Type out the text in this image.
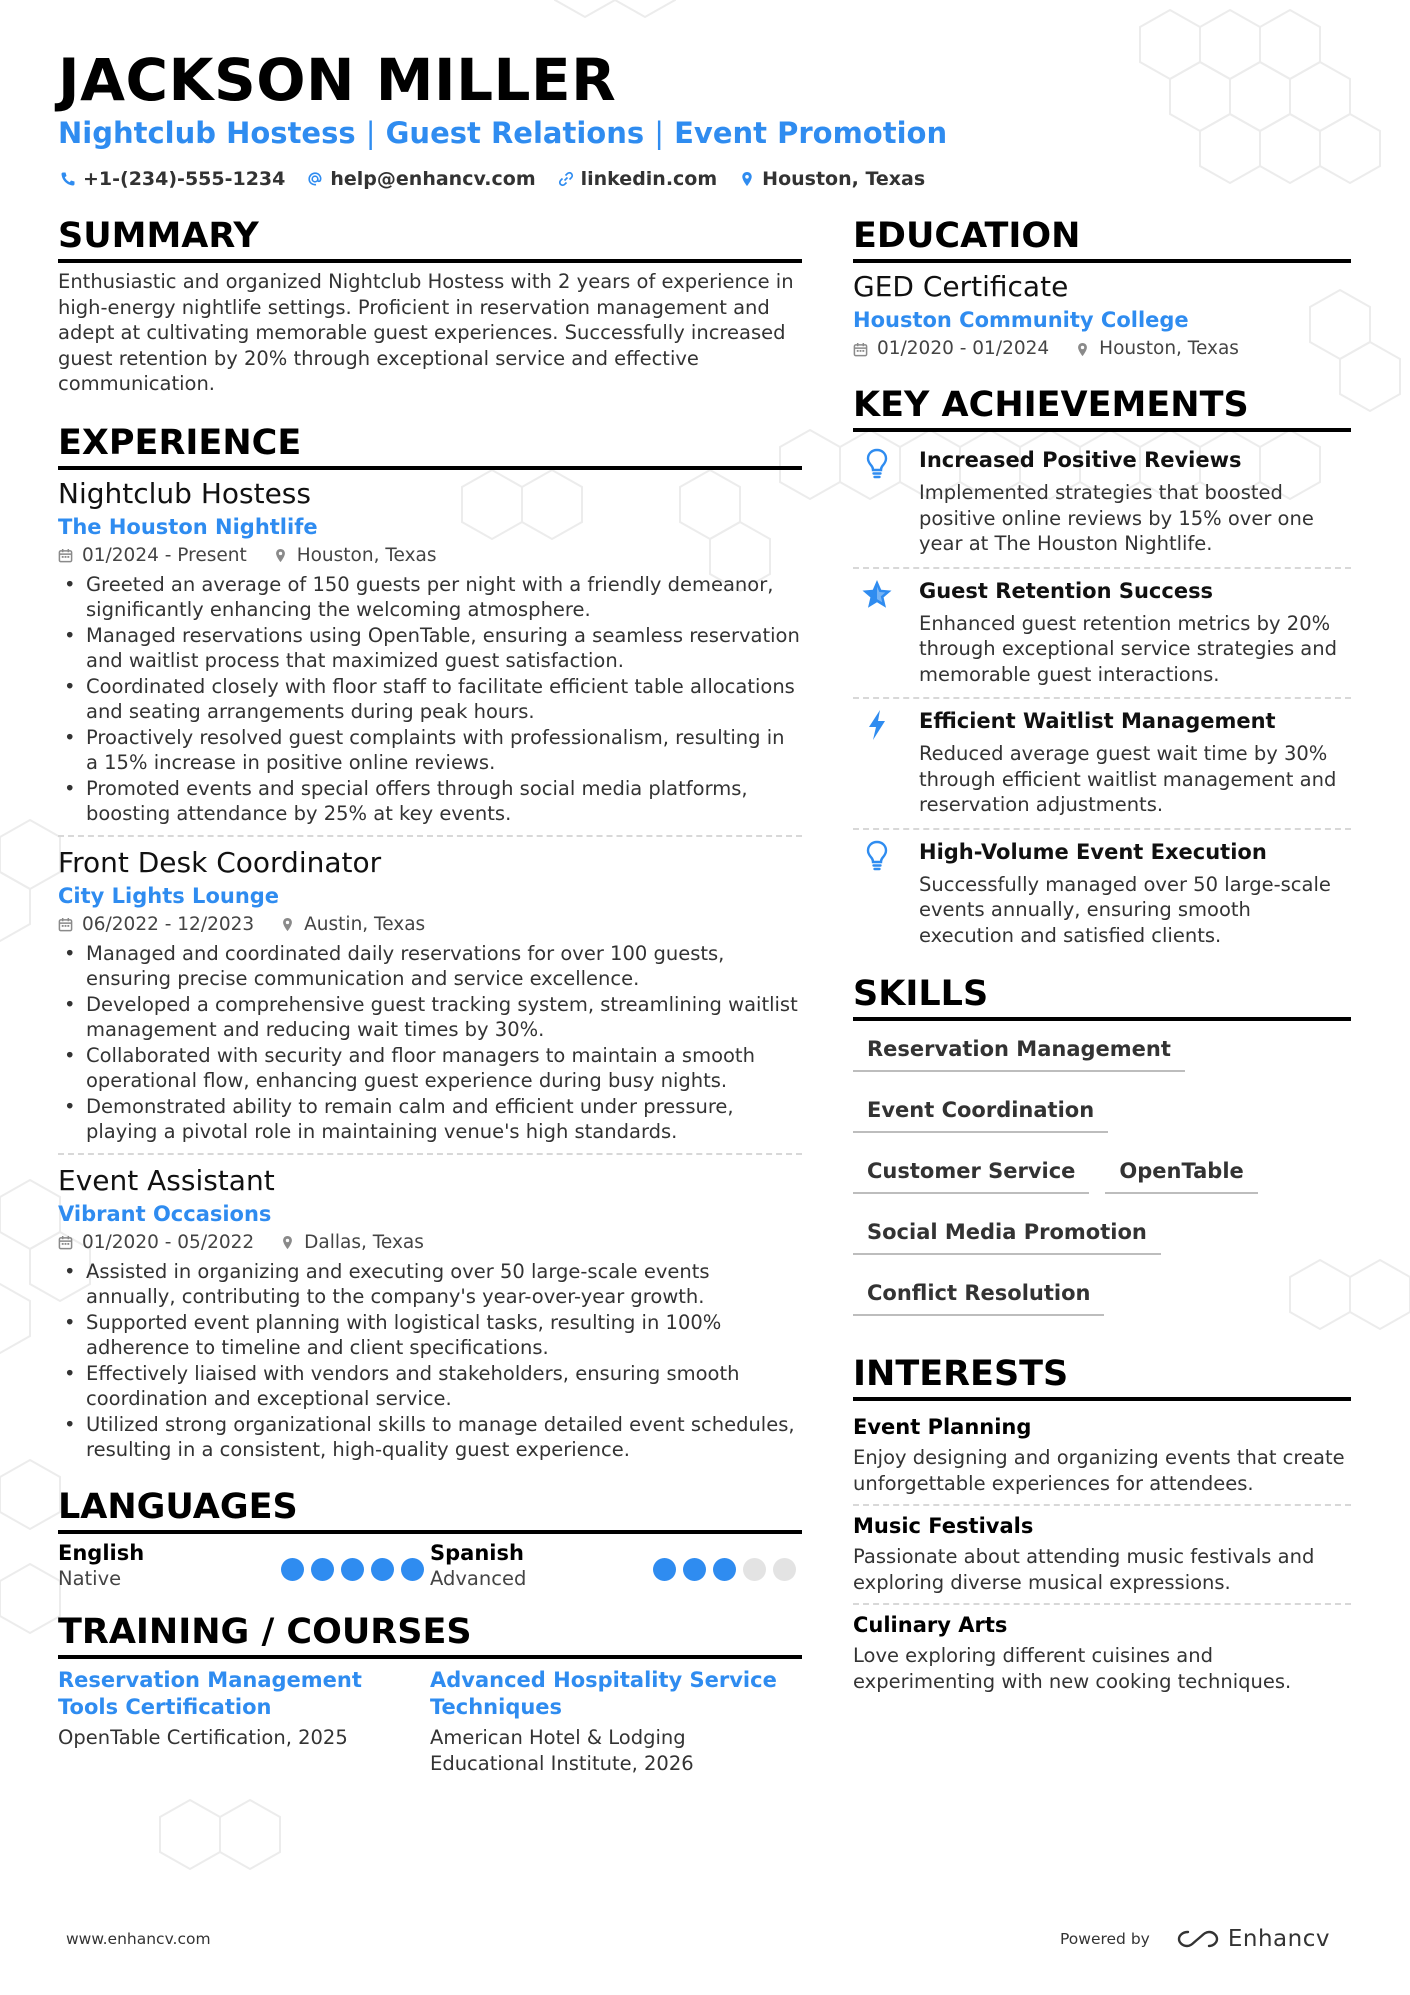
JACKSON MILLER
Nightclub Hostess | Guest Relations | Event Promotion
+1-(234)-555-1234 help@enhancv.com linkedin.com Houston, Texas
SUMMARY
Enthusiastic and organized Nightclub Hostess with 2 years of experience in high-energy nightlife settings. Proficient in reservation management and adept at cultivating memorable guest experiences. Successfully increased guest retention by 20% through exceptional service and effective communication.
EXPERIENCE
Nightclub Hostess
The Houston Nightlife
01/2024 - Present	Houston, Texas
• Greeted an average of 150 guests per night with a friendly demeanor, significantly enhancing the welcoming atmosphere.
• Managed reservations using OpenTable, ensuring a seamless reservation and waitlist process that maximized guest satisfaction.
• Coordinated closely with floor staff to facilitate efficient table allocations and seating arrangements during peak hours.
• Proactively resolved guest complaints with professionalism, resulting in a 15% increase in positive online reviews.
• Promoted events and special offers through social media platforms, boosting attendance by 25% at key events.
Front Desk Coordinator
City Lights Lounge
06/2022 - 12/2023	Austin, Texas
• Managed and coordinated daily reservations for over 100 guests, ensuring precise communication and service excellence.
• Developed a comprehensive guest tracking system, streamlining waitlist management and reducing wait times by 30%.
• Collaborated with security and floor managers to maintain a smooth operational flow, enhancing guest experience during busy nights.
• Demonstrated ability to remain calm and efficient under pressure, playing a pivotal role in maintaining venue's high standards.
Event Assistant
Vibrant Occasions
01/2020 - 05/2022	Dallas, Texas
• Assisted in organizing and executing over 50 large-scale events annually, contributing to the company's year-over-year growth.
• Supported event planning with logistical tasks, resulting in 100% adherence to timeline and client specifications.
• Effectively liaised with vendors and stakeholders, ensuring smooth coordination and exceptional service.
• Utilized strong organizational skills to manage detailed event schedules, resulting in a consistent, high-quality guest experience.
LANGUAGES
English
Native
Spanish
Advanced
TRAINING / COURSES
Reservation Management Tools Certification
OpenTable Certification, 2025
Advanced Hospitality Service Techniques
American Hotel & Lodging Educational Institute, 2026
EDUCATION
GED Certificate
Houston Community College
01/2020 - 01/2024	Houston, Texas
KEY ACHIEVEMENTS
Increased Positive Reviews
Implemented strategies that boosted positive online reviews by 15% over one year at The Houston Nightlife.
Guest Retention Success
Enhanced guest retention metrics by 20% through exceptional service strategies and memorable guest interactions.
Efficient Waitlist Management
Reduced average guest wait time by 30% through efficient waitlist management and reservation adjustments.
High-Volume Event Execution
Successfully managed over 50 large-scale events annually, ensuring smooth execution and satisfied clients.
SKILLS
Reservation Management
Event Coordination
Customer Service	OpenTable
Social Media Promotion
Conflict Resolution
INTERESTS
Event Planning
Enjoy designing and organizing events that create unforgettable experiences for attendees.
Music Festivals
Passionate about attending music festivals and exploring diverse musical expressions.
Culinary Arts
Love exploring different cuisines and experimenting with new cooking techniques.
www.enhancv.com	Powered by	Enhancv
